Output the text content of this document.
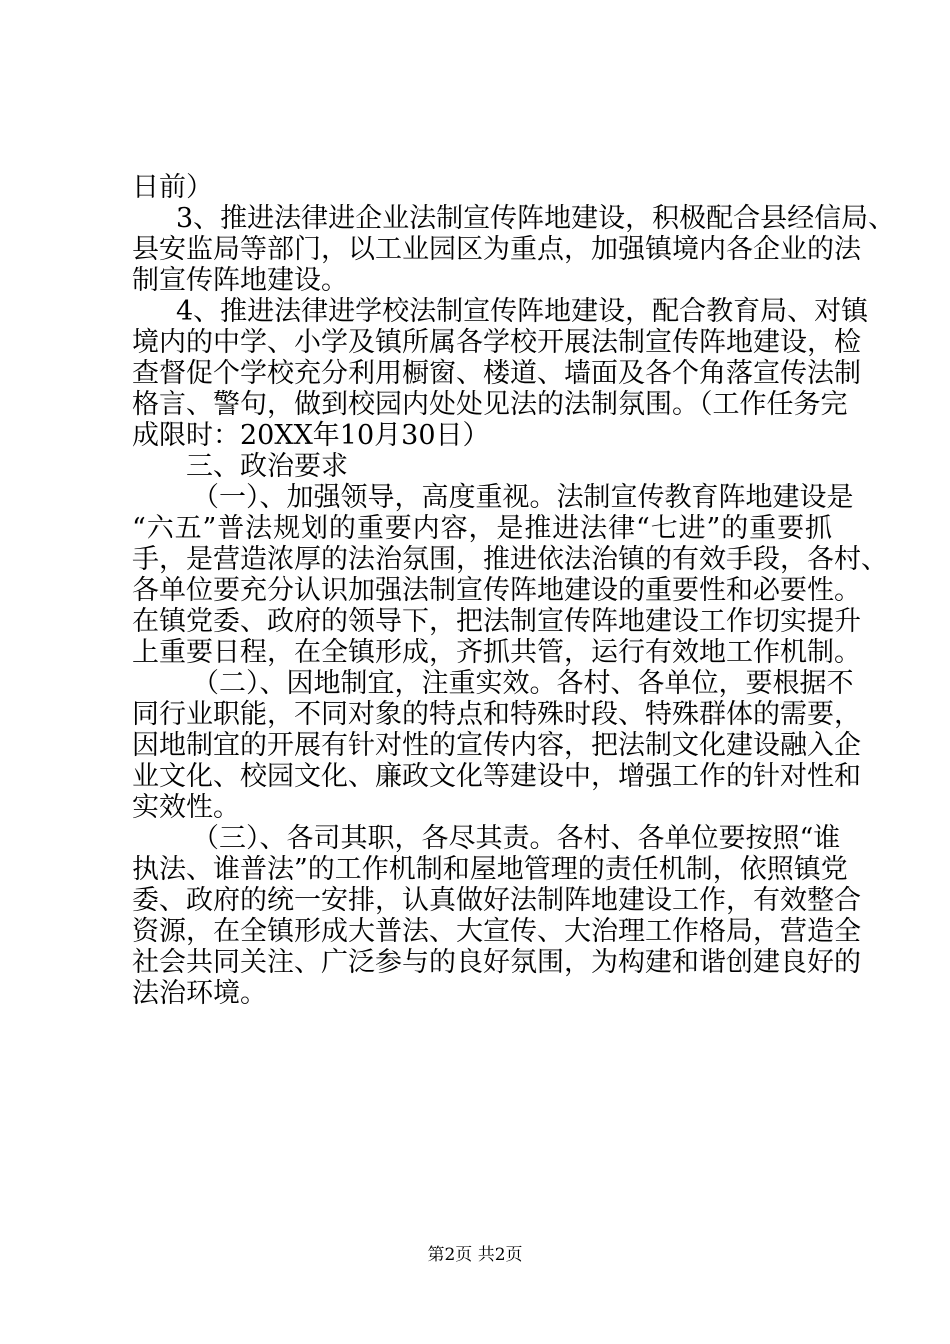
日前）
3、推进法律进企业法制宣传阵地建设，积极配合县经信局、
县安监局等部门，以工业园区为重点，加强镇境内各企业的法
制宣传阵地建设。
4、推进法律进学校法制宣传阵地建设，配合教育局、对镇
境内的中学、小学及镇所属各学校开展法制宣传阵地建设，检
查督促个学校充分利用橱窗、楼道、墙面及各个角落宣传法制
格言、警句，做到校园内处处见法的法制氛围。（工作任务完
成限时：20XX年10月30日）
三、政治要求
（一）、加强领导，高度重视。法制宣传教育阵地建设是
“六五”普法规划的重要内容，是推进法律“七进”的重要抓
手，是营造浓厚的法治氛围，推进依法治镇的有效手段，各村、
各单位要充分认识加强法制宣传阵地建设的重要性和必要性。
在镇党委、政府的领导下，把法制宣传阵地建设工作切实提升
上重要日程，在全镇形成，齐抓共管，运行有效地工作机制。
（二）、因地制宜，注重实效。各村、各单位，要根据不
同行业职能，不同对象的特点和特殊时段、特殊群体的需要，
因地制宜的开展有针对性的宣传内容，把法制文化建设融入企
业文化、校园文化、廉政文化等建设中，增强工作的针对性和
实效性。
（三）、各司其职，各尽其责。各村、各单位要按照“谁
执法、谁普法”的工作机制和屋地管理的责任机制，依照镇党
委、政府的统一安排，认真做好法制阵地建设工作，有效整合
资源，在全镇形成大普法、大宣传、大治理工作格局，营造全
社会共同关注、广泛参与的良好氛围，为构建和谐创建良好的
法治环境。
第2页 共2页
